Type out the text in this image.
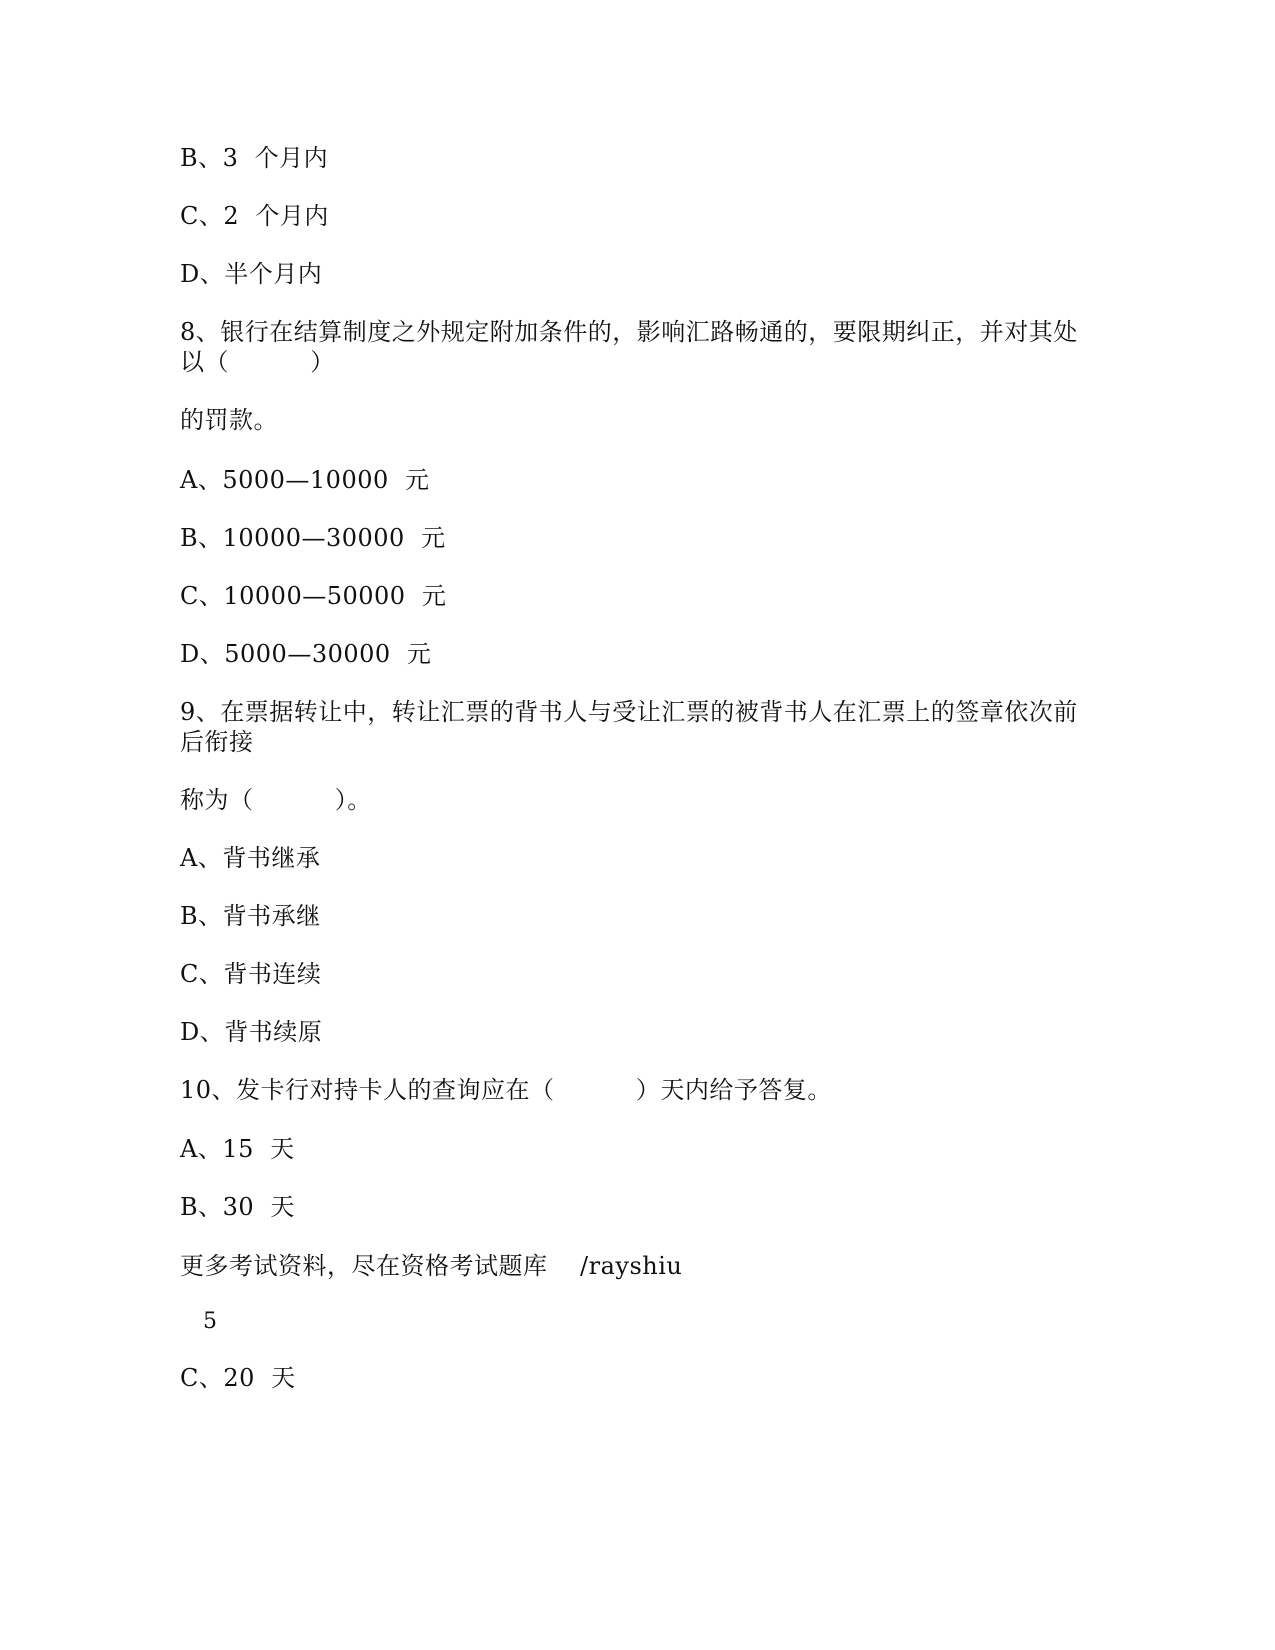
B、3  个月内
C、2  个月内
D、半个月内
8、银行在结算制度之外规定附加条件的，影响汇路畅通的，要限期纠正，并对其处
以（          ）
的罚款。
A、5000—10000  元
B、10000—30000  元
C、10000—50000  元
D、5000—30000  元
9、在票据转让中，转让汇票的背书人与受让汇票的被背书人在汇票上的签章依次前
后衔接
称为（          ）。
A、背书继承
B、背书承继
C、背书连续
D、背书续原
10、发卡行对持卡人的查询应在（          ）天内给予答复。
A、15  天
B、30  天
更多考试资料，尽在资格考试题库    /rayshiu
5
C、20  天
